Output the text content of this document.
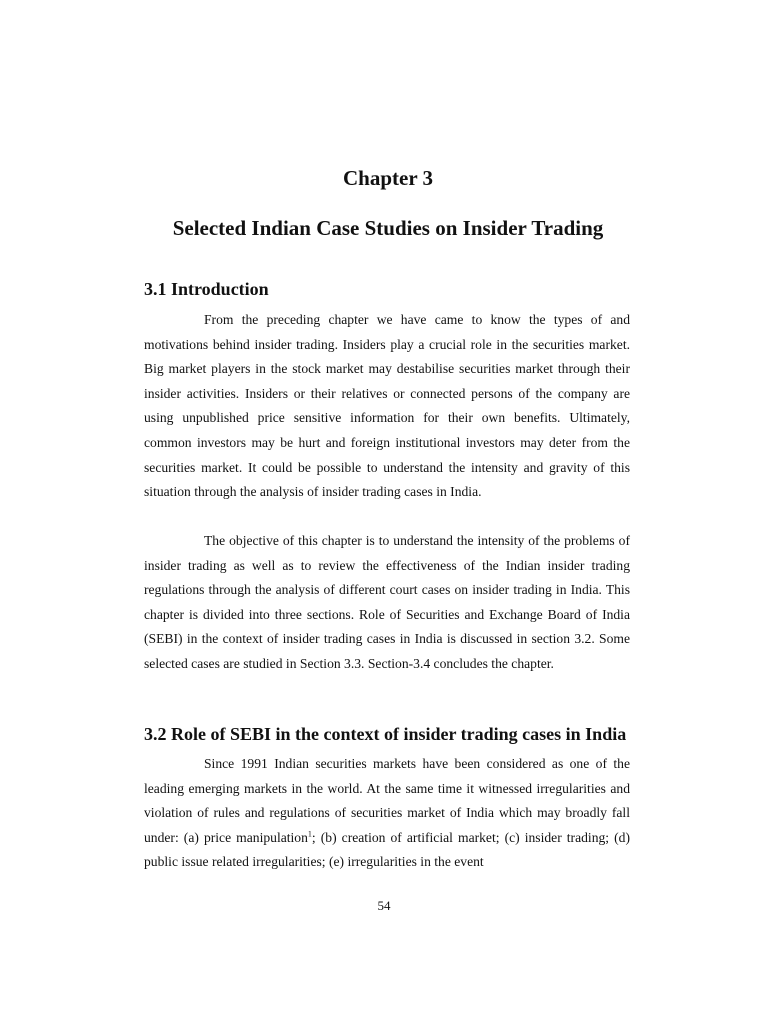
Chapter 3
Selected Indian Case Studies on Insider Trading
3.1 Introduction

From the preceding chapter we have came to know the types of and motivations behind insider trading. Insiders play a crucial role in the securities market. Big market players in the stock market may destabilise securities market through their insider activities. Insiders or their relatives or connected persons of the company are using unpublished price sensitive information for their own benefits. Ultimately, common investors may be hurt and foreign institutional investors may deter from the securities market. It could be possible to understand the intensity and gravity of this situation through the analysis of insider trading cases in India.

The objective of this chapter is to understand the intensity of the problems of insider trading as well as to review the effectiveness of the Indian insider trading regulations through the analysis of different court cases on insider trading in India. This chapter is divided into three sections. Role of Securities and Exchange Board of India (SEBI) in the context of insider trading cases in India is discussed in section 3.2. Some selected cases are studied in Section 3.3. Section-3.4 concludes the chapter.

3.2 Role of SEBI in the context of insider trading cases in India

Since 1991 Indian securities markets have been considered as one of the leading emerging markets in the world. At the same time it witnessed irregularities and violation of rules and regulations of securities market of India which may broadly fall under: (a) price manipulation$^1$; (b) creation of artificial market; (c) insider trading; (d) public issue related irregularities; (e) irregularities in the event

54
